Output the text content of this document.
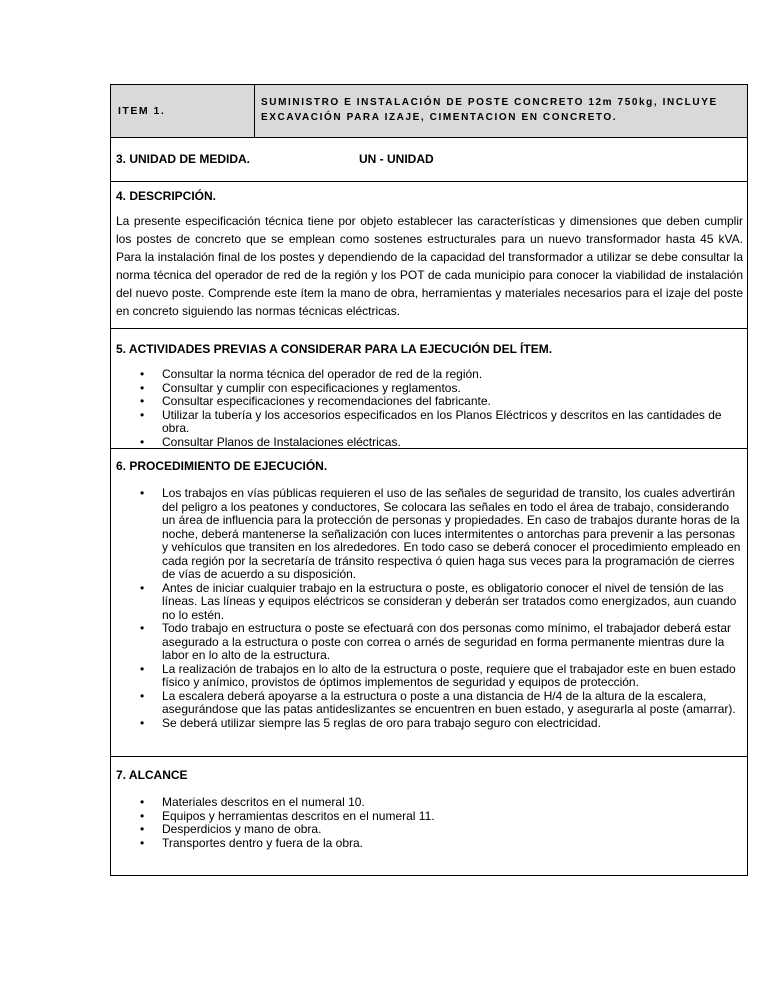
ITEM 1.
SUMINISTRO E INSTALACIÓN DE POSTE CONCRETO 12m 750kg, INCLUYE EXCAVACIÓN PARA IZAJE, CIMENTACION EN CONCRETO.
3. UNIDAD DE MEDIDA.	UN - UNIDAD
4. DESCRIPCIÓN.

La presente especificación técnica tiene por objeto establecer las características y dimensiones que deben cumplir los postes de concreto que se emplean como sostenes estructurales para un nuevo transformador hasta 45 kVA. Para la instalación final de los postes y dependiendo de la capacidad del transformador a utilizar se debe consultar la norma técnica del operador de red de la región y los POT de cada municipio para conocer la viabilidad de instalación del nuevo poste. Comprende este ítem la mano de obra, herramientas y materiales necesarios para el izaje del poste en concreto siguiendo las normas técnicas eléctricas.

5. ACTIVIDADES PREVIAS A CONSIDERAR PARA LA EJECUCIÓN DEL ÍTEM.
• Consultar la norma técnica del operador de red de la región.
• Consultar y cumplir con especificaciones y reglamentos.
• Consultar especificaciones y recomendaciones del fabricante.
• Utilizar la tubería y los accesorios especificados en los Planos Eléctricos y descritos en las cantidades de obra.
• Consultar Planos de Instalaciones eléctricas.
6. PROCEDIMIENTO DE EJECUCIÓN.
• Los trabajos en vías públicas requieren el uso de las señales de seguridad de transito, los cuales advertirán del peligro a los peatones y conductores, Se colocara las señales en todo el área de trabajo, considerando un área de influencia para la protección de personas y propiedades. En caso de trabajos durante horas de la noche, deberá mantenerse la señalización con luces intermitentes o antorchas para prevenir a las personas y vehículos que transiten en los alrededores. En todo caso se deberá conocer el procedimiento empleado en cada región por la secretaría de tránsito respectiva ó quien haga sus veces para la programación de cierres de vías de acuerdo a su disposición.
• Antes de iniciar cualquier trabajo en la estructura o poste, es obligatorio conocer el nivel de tensión de las líneas. Las líneas y equipos eléctricos se consideran y deberán ser tratados como energizados, aun cuando no lo estén.
• Todo trabajo en estructura o poste se efectuará con dos personas como mínimo, el trabajador deberá estar asegurado a la estructura o poste con correa o arnés de seguridad en forma permanente mientras dure la labor en lo alto de la estructura.
• La realización de trabajos en lo alto de la estructura o poste, requiere que el trabajador este en buen estado físico y anímico, provistos de óptimos implementos de seguridad y equipos de protección.
• La escalera deberá apoyarse a la estructura o poste a una distancia de H/4 de la altura de la escalera, asegurándose que las patas antideslizantes se encuentren en buen estado, y asegurarla al poste (amarrar).
• Se deberá utilizar siempre las 5 reglas de oro para trabajo seguro con electricidad.
7. ALCANCE
• Materiales descritos en el numeral 10.
• Equipos y herramientas descritos en el numeral 11.
• Desperdicios y mano de obra.
• Transportes dentro y fuera de la obra.
